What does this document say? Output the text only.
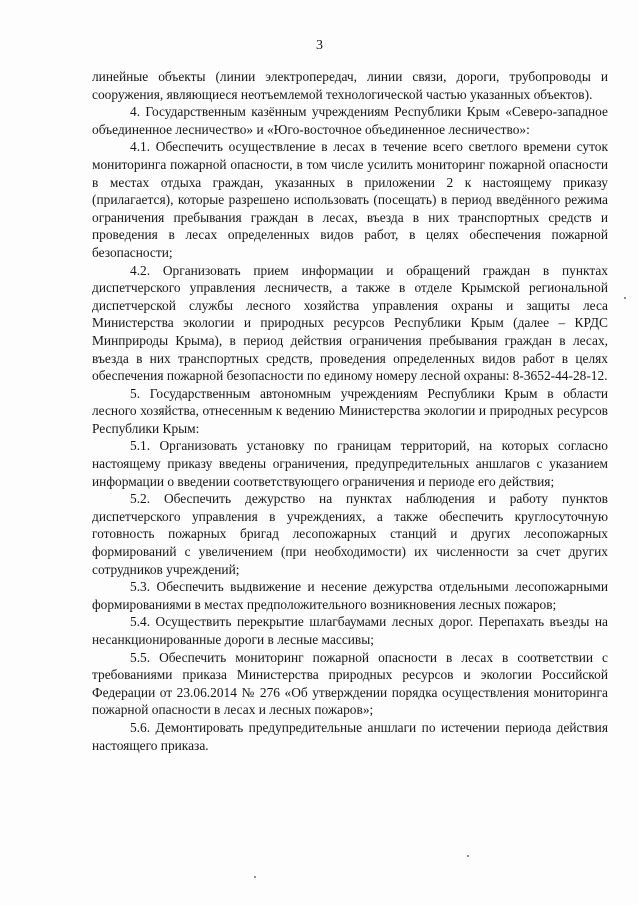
3

линейные объекты (линии электропередач, линии связи, дороги, трубопроводы и сооружения, являющиеся неотъемлемой технологической частью указанных объектов).

4. Государственным казённым учреждениям Республики Крым «Северо-западное объединенное лесничество» и «Юго-восточное объединенное лесничество»:

4.1. Обеспечить осуществление в лесах в течение всего светлого времени суток мониторинга пожарной опасности, в том числе усилить мониторинг пожарной опасности в местах отдыха граждан, указанных в приложении 2 к настоящему приказу (прилагается), которые разрешено использовать (посещать) в период введённого режима ограничения пребывания граждан в лесах, въезда в них транспортных средств и проведения в лесах определенных видов работ, в целях обеспечения пожарной безопасности;

4.2. Организовать прием информации и обращений граждан в пунктах диспетчерского управления лесничеств, а также в отделе Крымской региональной диспетчерской службы лесного хозяйства управления охраны и защиты леса Министерства экологии и природных ресурсов Республики Крым (далее – КРДС Минприроды Крыма), в период действия ограничения пребывания граждан в лесах, въезда в них транспортных средств, проведения определенных видов работ в целях обеспечения пожарной безопасности по единому номеру лесной охраны: 8-3652-44-28-12.

5. Государственным автономным учреждениям Республики Крым в области лесного хозяйства, отнесенным к ведению Министерства экологии и природных ресурсов Республики Крым:

5.1. Организовать установку по границам территорий, на которых согласно настоящему приказу введены ограничения, предупредительных аншлагов с указанием информации о введении соответствующего ограничения и периоде его действия;

5.2. Обеспечить дежурство на пунктах наблюдения и работу пунктов диспетчерского управления в учреждениях, а также обеспечить круглосуточную готовность пожарных бригад лесопожарных станций и других лесопожарных формирований с увеличением (при необходимости) их численности за счет других сотрудников учреждений;

5.3. Обеспечить выдвижение и несение дежурства отдельными лесопожарными формированиями в местах предположительного возникновения лесных пожаров;

5.4. Осуществить перекрытие шлагбаумами лесных дорог. Перепахать въезды на несанкционированные дороги в лесные массивы;

5.5. Обеспечить мониторинг пожарной опасности в лесах в соответствии с требованиями приказа Министерства природных ресурсов и экологии Российской Федерации от 23.06.2014 № 276 «Об утверждении порядка осуществления мониторинга пожарной опасности в лесах и лесных пожаров»;

5.6. Демонтировать предупредительные аншлаги по истечении периода действия настоящего приказа.
